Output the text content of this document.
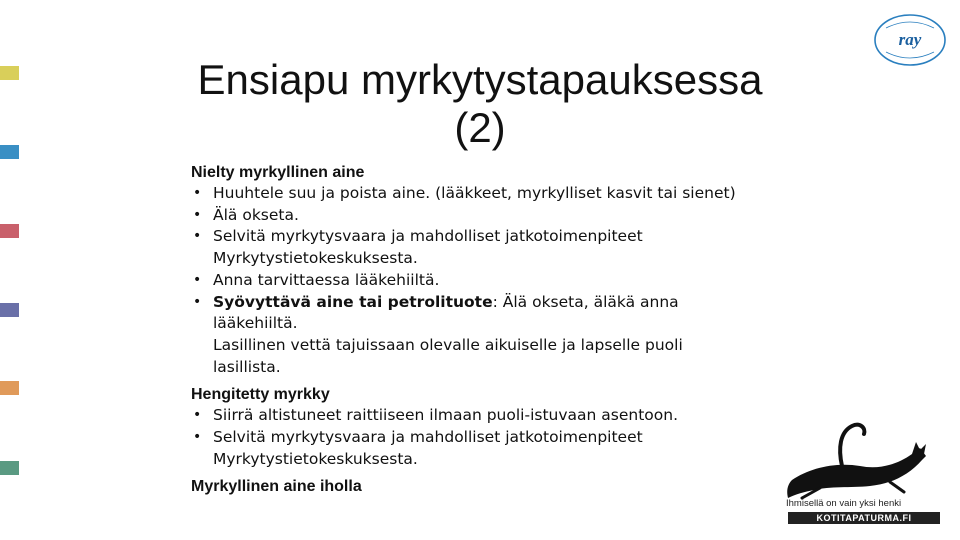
Ensiapu myrkytystapauksessa (2)
Nielty myrkyllinen aine
• Huuhtele suu ja poista aine. (lääkkeet, myrkylliset kasvit tai sienet)
• Älä okseta.
• Selvitä myrkytysvaara ja mahdolliset jatkotoimenpiteet Myrkytystietokeskuksesta.
• Anna tarvittaessa lääkehiiltä.
• Syövyttävä aine tai petrolituote: Älä okseta, äläkä anna lääkehiiltä.
Lasillinen vettä tajuissaan olevalle aikuiselle ja lapselle puoli lasillista.
Hengitetty myrkky
• Siirrä altistuneet raittiiseen ilmaan puoli-istuvaan asentoon.
• Selvitä myrkytysvaara ja mahdolliset jatkotoimenpiteet Myrkytystietokeskuksesta.
Myrkyllinen aine iholla
ray
Ihmisellä on vain yksi henki
KOTITAPATURMA.FI
